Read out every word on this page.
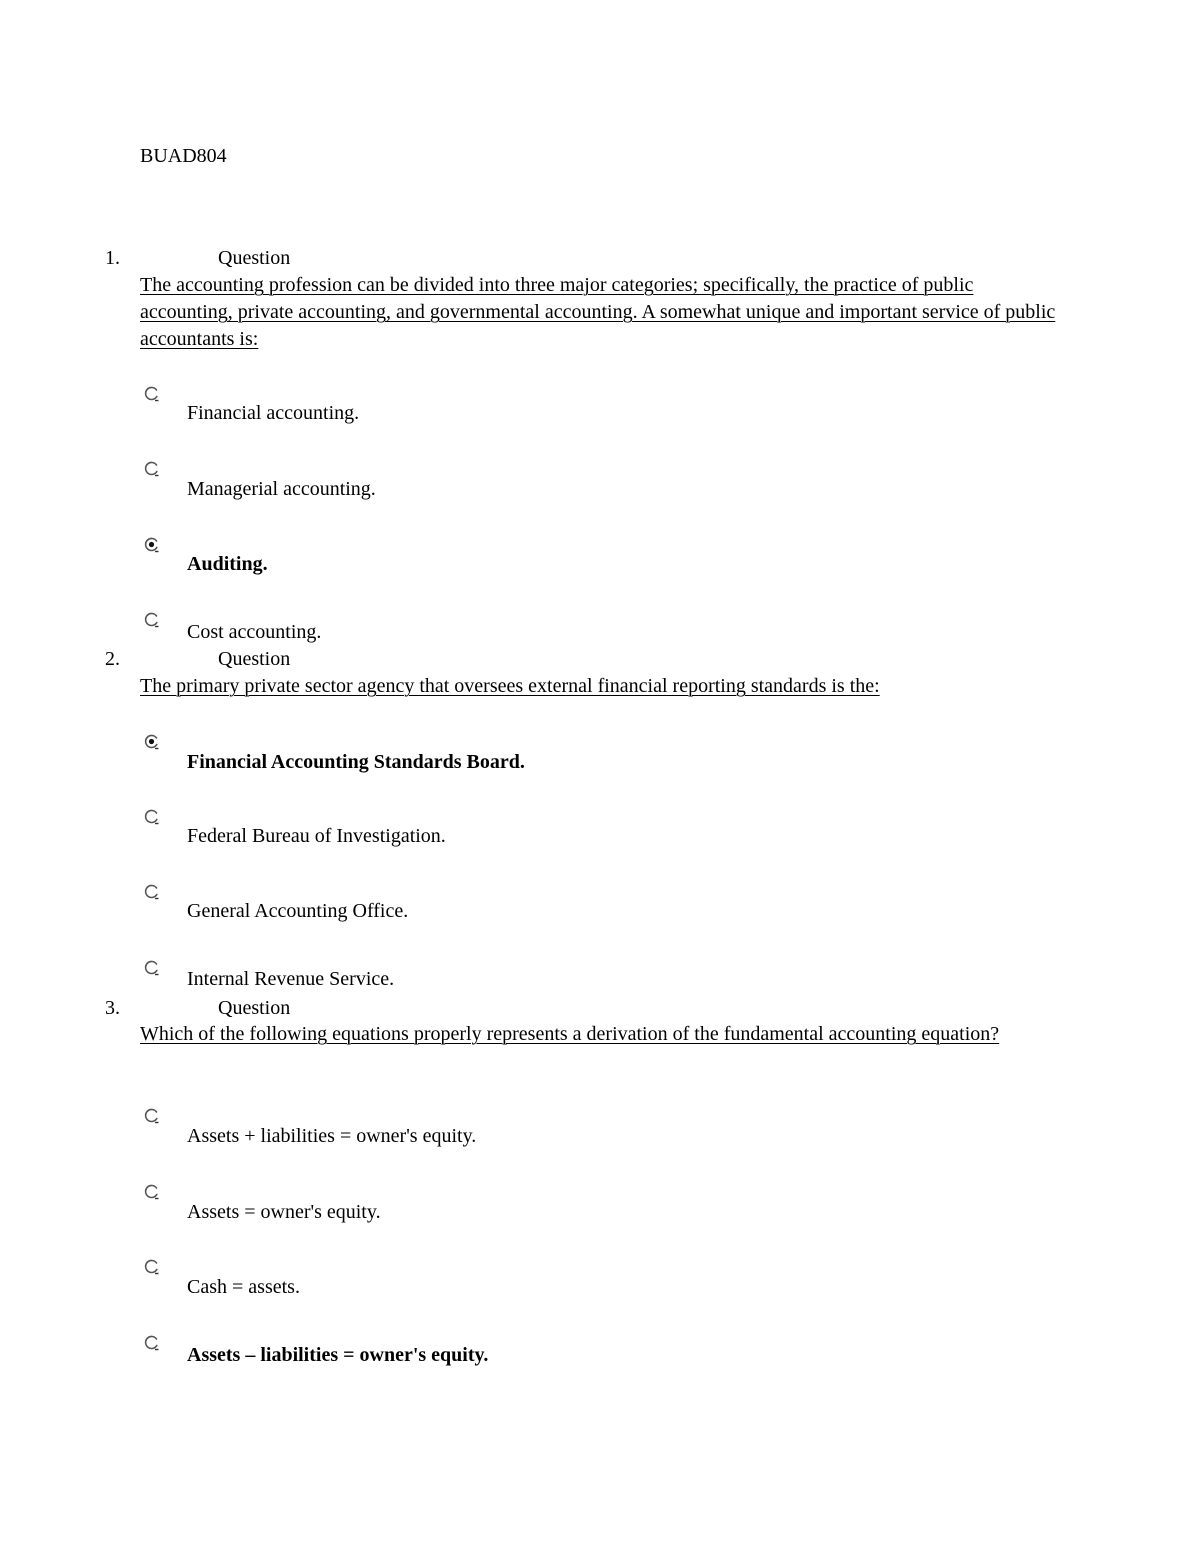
BUAD804
1.	Question
The accounting profession can be divided into three major categories; specifically, the practice of public accounting, private accounting, and governmental accounting. A somewhat unique and important service of public accountants is:
Financial accounting.
Managerial accounting.
Auditing.
Cost accounting.
2.	Question
The primary private sector agency that oversees external financial reporting standards is the:
Financial Accounting Standards Board.
Federal Bureau of Investigation.
General Accounting Office.
Internal Revenue Service.
3.	Question
Which of the following equations properly represents a derivation of the fundamental accounting equation?
Assets + liabilities = owner's equity.
Assets = owner's equity.
Cash = assets.
Assets – liabilities = owner's equity.
